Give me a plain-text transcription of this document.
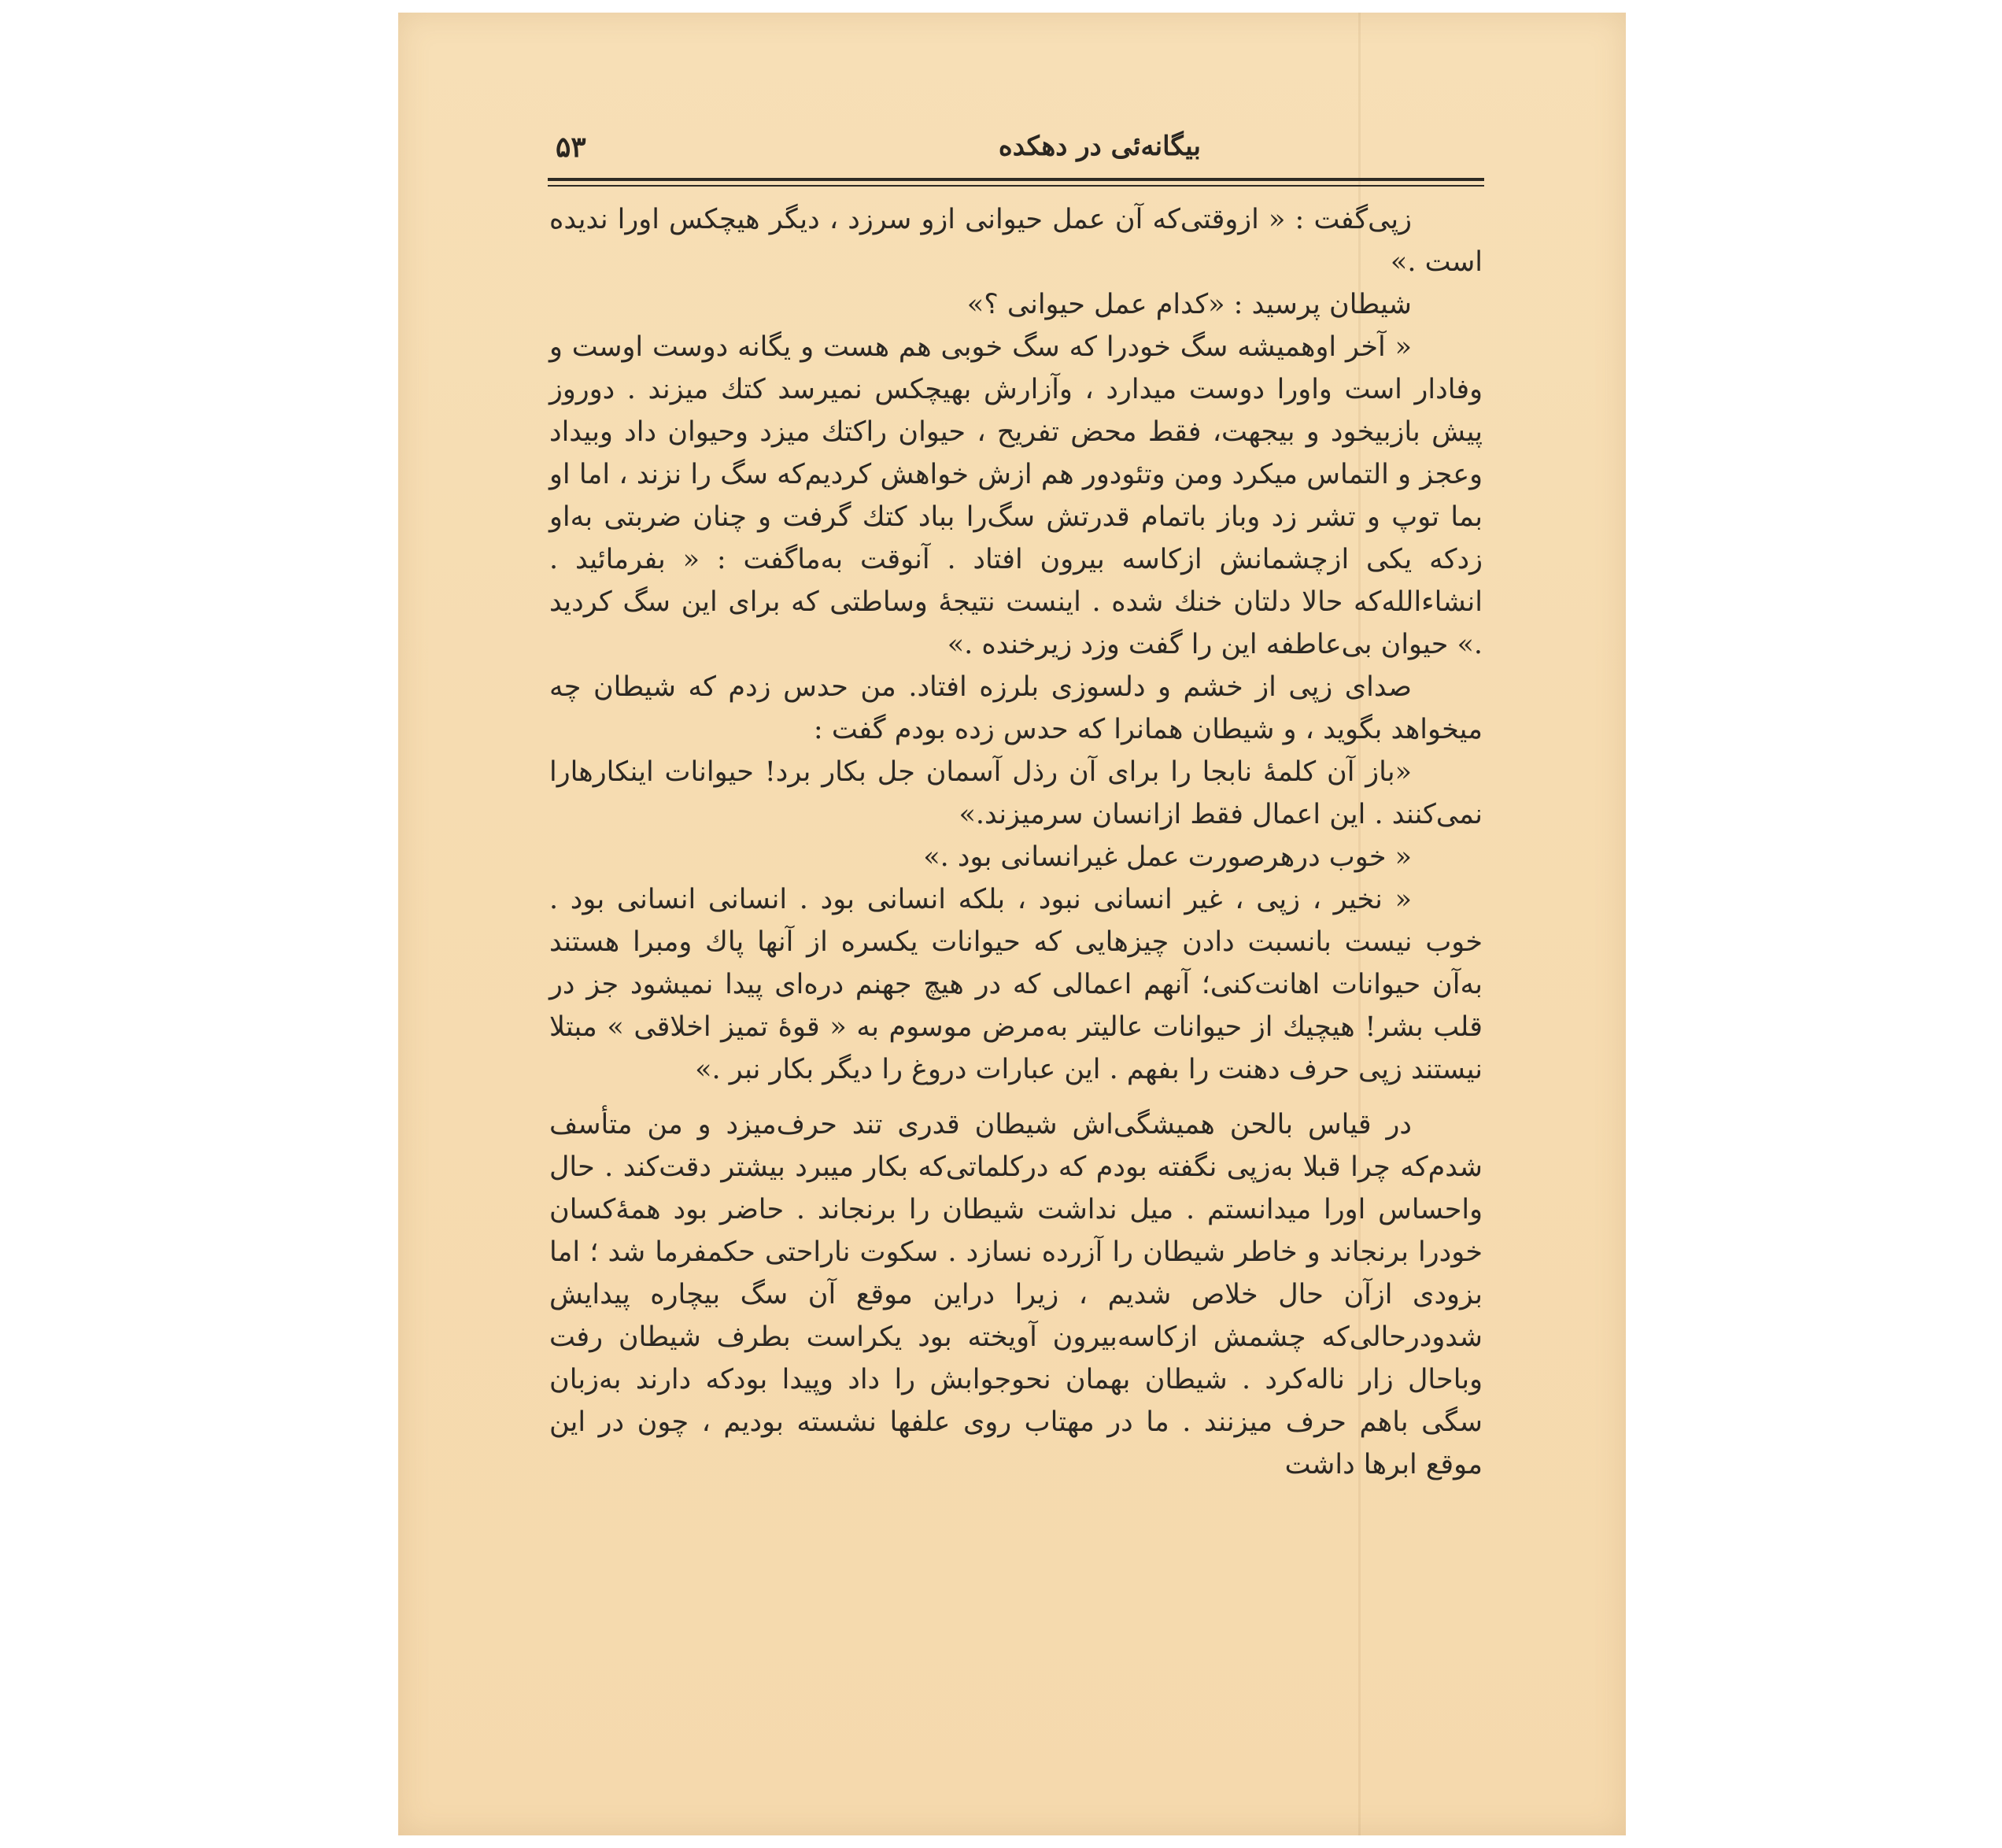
بیگانه‌ئی در دهکده
۵۳

زپی‌گفت : « ازوقتی‌که آن عمل حیوانی ازو سرزد ، دیگر هیچکس اورا ندیده است .»

شیطان پرسید : «کدام عمل حیوانی ؟»

« آخر اوهمیشه سگ خودرا که سگ خوبی هم هست و یگانه دوست اوست و وفادار است واورا دوست میدارد ، وآزارش بهیچکس نمیرسد کتك میزند . دوروز پیش بازبیخود و بیجهت، فقط محض تفریح ، حیوان راکتك میزد وحیوان داد وبیداد وعجز و التماس میکرد ومن وتئودور هم ازش خواهش کردیم‌که سگ را نزند ، اما او بما توپ و تشر زد وباز باتمام قدرتش سگ‌را بباد کتك گرفت و چنان ضربتی به‌او زدکه یکی ازچشمانش ازکاسه بیرون افتاد . آنوقت به‌ماگفت : « بفرمائید . انشاءالله‌که حالا دلتان خنك شده . اینست نتیجهٔ وساطتی که برای این سگ کردید .» حیوان بی‌عاطفه این را گفت وزد زیرخنده .»

صدای زپی از خشم و دلسوزی بلرزه افتاد. من حدس زدم که شیطان چه میخواهد بگوید ، و شیطان همانرا که حدس زده بودم گفت :

«باز آن کلمهٔ نابجا را برای آن رذل آسمان جل بکار برد! حیوانات اینکارهارا نمی‌کنند . این اعمال فقط ازانسان سرمیزند.»

« خوب درهرصورت عمل غیرانسانی بود .»

« نخیر ، زپی ، غیر انسانی نبود ، بلکه انسانی بود . انسانی انسانی بود . خوب نیست بانسبت دادن چیزهایی که حیوانات یکسره از آنها پاك ومبرا هستند به‌آن حیوانات اهانت‌کنی؛ آنهم اعمالی که در هیچ جهنم دره‌ای پیدا نمیشود جز در قلب بشر! هیچیك از حیوانات عالیتر به‌مرض موسوم به « قوهٔ تمیز اخلاقی » مبتلا نیستند زپی حرف دهنت را بفهم . این عبارات دروغ را دیگر بکار نبر .»

در قیاس بالحن همیشگی‌اش شیطان قدری تند حرف‌میزد و من متأسف شدم‌که چرا قبلا به‌زپی نگفته بودم که درکلماتی‌که بکار میبرد بیشتر دقت‌کند . حال واحساس اورا میدانستم . میل نداشت شیطان را برنجاند . حاضر بود همهٔ‌کسان خودرا برنجاند و خاطر شیطان را آزرده نسازد . سکوت ناراحتی حکمفرما شد ؛ اما بزودی ازآن حال خلاص شدیم ، زیرا دراین موقع آن سگ بیچاره پیدایش شدودرحالی‌که چشمش ازکاسه‌بیرون آویخته بود یکراست بطرف شیطان رفت وباحال زار ناله‌کرد . شیطان بهمان نحوجوابش را داد وپیدا بودکه دارند به‌زبان سگی باهم حرف میزنند . ما در مهتاب روی علفها نشسته بودیم ، چون در این موقع ابرها داشت
